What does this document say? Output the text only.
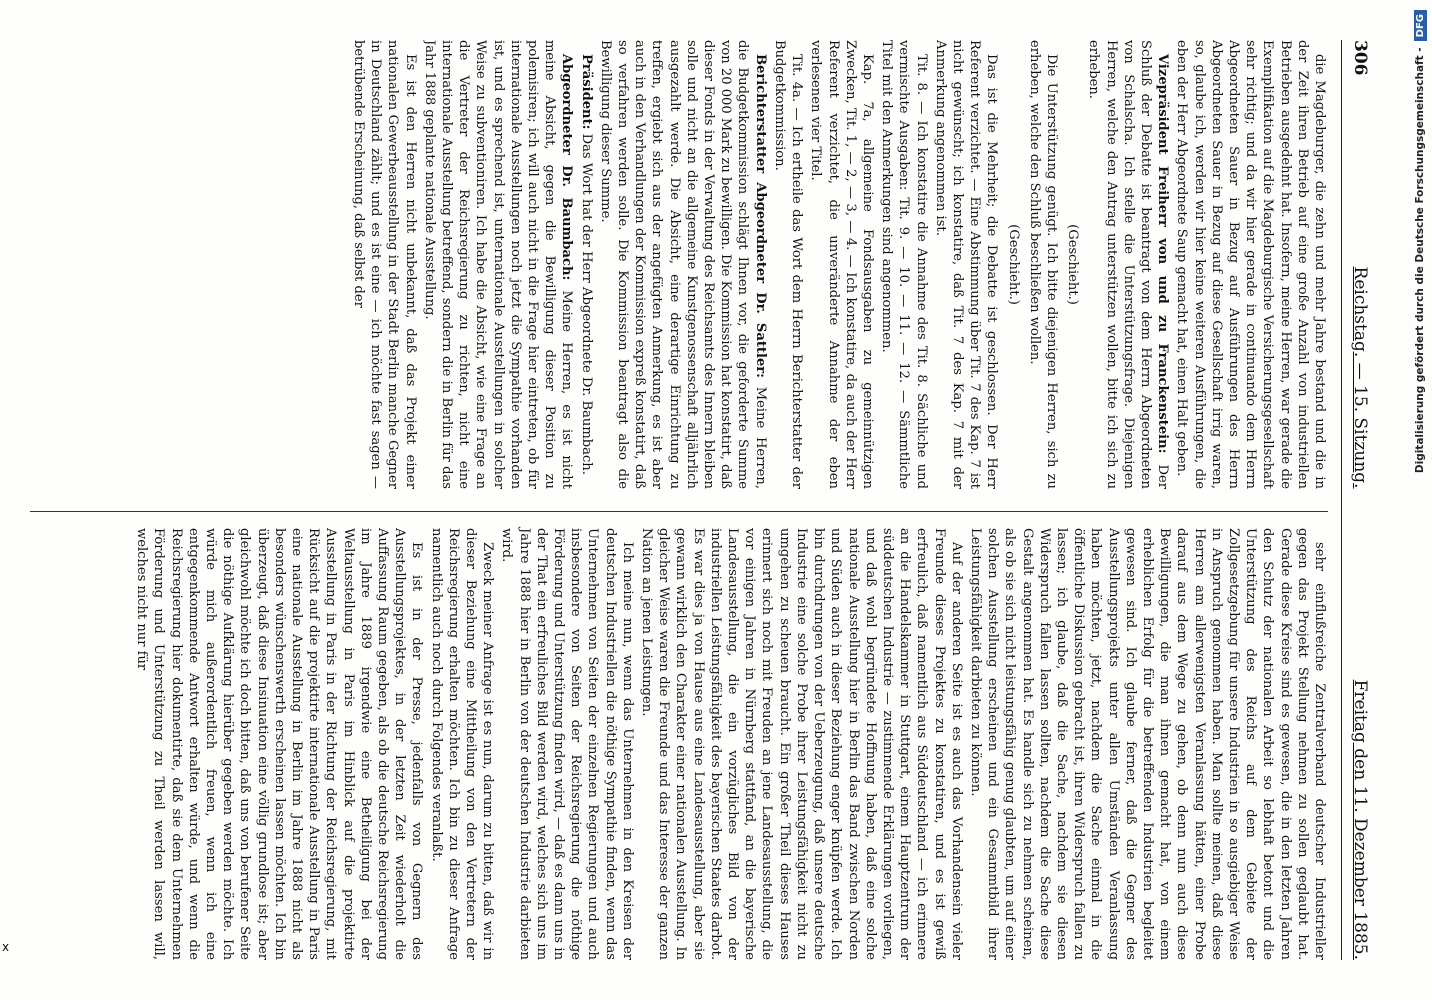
306
Reichstag. — 15. Sitzung.
Freitag den 11. Dezember 1885.

die Magdeburger, die zehn und mehr Jahre bestand und die in der Zeit ihren Betrieb auf eine große Anzahl von industriellen Betrieben ausgedehnt hat. Insofern, meine Herren, war gerade die Exemplifikation auf die Magdeburgische Versicherungsgesellschaft sehr richtig; und da wir hier gerade in continuando dem Herrn Abgeordneten Sauer in Bezug auf Ausführungen des Herrn Abgeordneten Sauer in Bezug auf diese Gesellschaft irrig waren, so, glaube ich, werden wir hier keine weiteren Ausführungen, die eben der Herr Abgeordnete Saup gemacht hat, einen Halt geben.

Vizepräsident Freiherr von und zu Franckenstein: Der Schluß der Debatte ist beantragt von dem Herrn Abgeordneten von Schalscha. Ich stelle die Unterstützungsfrage. Diejenigen Herren, welche den Antrag unterstützen wollen, bitte ich sich zu erheben.

(Geschieht.)

Die Unterstützung genügt. Ich bitte diejenigen Herren, sich zu erheben, welche den Schluß beschließen wollen.

(Geschieht.)

Das ist die Mehrheit; die Debatte ist geschlossen. Der Herr Referent verzichtet. — Eine Abstimmung über Tit. 7 des Kap. 7 ist nicht gewünscht; ich konstatire, daß Tit. 7 des Kap. 7 mit der Anmerkung angenommen ist.

Tit. 8. — Ich konstatire die Annahme des Tit. 8. Sächliche und vermischte Ausgaben: Tit. 9. — 10. — 11. — 12. — Sämmtliche Titel mit den Anmerkungen sind angenommen.

Kap. 7a, allgemeine Fondsausgaben zu gemeinnützigen Zwecken, Tit. 1, — 2, — 3, — 4. — Ich konstatire, da auch der Herr Referent verzichtet, die unveränderte Annahme der eben verlesenen vier Titel.

Tit. 4a. — Ich ertheile das Wort dem Herrn Berichterstatter der Budgetkommission.

Berichterstatter Abgeordneter Dr. Sattler: Meine Herren, die Budgetkommission schlägt Ihnen vor, die geforderte Summe von 20 000 Mark zu bewilligen. Die Kommission hat konstatirt, daß dieser Fonds in der Verwaltung des Reichsamts des Innern bleiben solle und nicht an die allgemeine Kunstgenossenschaft alljährlich ausgezahlt werde. Die Absicht, eine derartige Einrichtung zu treffen, ergiebt sich aus der angefügten Anmerkung, es ist aber auch in den Verhandlungen der Kommission expreß konstatirt, daß so verfahren werden solle. Die Kommission beantragt also die Bewilligung dieser Summe.

Präsident: Das Wort hat der Herr Abgeordnete Dr. Baumbach.

Abgeordneter Dr. Baumbach: Meine Herren, es ist nicht meine Absicht, gegen die Bewilligung dieser Position zu polemisiren; ich will auch nicht in die Frage hier eintreten, ob für internationale Ausstellungen noch jetzt die Sympathie vorhanden ist, und es sprechend ist, unternationale Ausstellungen in solcher Weise zu subventioniren. Ich habe die Absicht, wie eine Frage an die Vertreter der Reichsregierung zu richten, nicht eine internationale Ausstellung betreffend, sondern die in Berlin für das Jahr 1888 geplante nationale Ausstellung.

Es ist den Herren nicht unbekannt, daß das Projekt einer nationalen Gewerbeausstellung in der Stadt Berlin manche Gegner in Deutschland zählt; und es ist eine — ich möchte fast sagen — betrübende Erscheinung, daß selbst der

sehr einflußreiche Zentralverband deutscher Industrieller gegen das Projekt Stellung nehmen zu sollen geglaubt hat. Gerade diese Kreise sind es gewesen, die in den letzten Jahren den Schutz der nationalen Arbeit so lebhaft betont und die Unterstützung des Reichs auf dem Gebiete der Zollgesetzgebung für unsere Industrien in so ausgiebiger Weise in Anspruch genommen haben. Man sollte meinen, daß diese Herren am allerwenigsten Veranlassung hätten, einer Probe darauf aus dem Wege zu gehen, ob denn nun auch diese Bewilligungen, die man ihnen gemacht hat, von einem erheblichen Erfolg für die betreffenden Industrien begleitet gewesen sind. Ich glaube ferner, daß die Gegner des Ausstellungsprojekts unter allen Umständen Veranlassung haben möchten, jetzt, nachdem die Sache einmal in die öffentliche Diskussion gebracht ist, ihren Widerspruch fallen zu lassen; ich glaube, daß die Sache, nachdem sie diesen Widerspruch fallen lassen sollten, nachdem die Sache diese Gestalt angenommen hat. Es handle sich zu nehmen scheinen, als ob sie sich nicht leistungsfähig genug glaubten, um auf einer solchen Ausstellung erscheinen und ein Gesammtbild ihrer Leistungsfähigkeit darbieten zu können.

Auf der anderen Seite ist es auch das Vorhandensein vieler Freunde dieses Projektes zu konstatiren, und es ist gewiß erfreulich, daß namentlich aus Süddeutschland — ich erinnere an die Handelskammer in Stuttgart, einem Hauptzentrum der süddeutschen Industrie — zustimmende Erklärungen vorliegen, und daß wohl begründete Hoffnung haben, daß eine solche nationale Ausstellung hier in Berlin das Band zwischen Norden und Süden auch in dieser Beziehung enger knüpfen werde. Ich bin durchdrungen von der Ueberzeugung, daß unsere deutsche Industrie eine solche Probe ihrer Leistungsfähigkeit nicht zu umgehen zu scheuen braucht. Ein großer Theil dieses Hauses erinnert sich noch mit Freuden an jene Landesausstellung, die vor einigen Jahren in Nürnberg stattfand, an die bayerische Landesausstellung, die ein vorzügliches Bild von der industriellen Leistungsfähigkeit des bayerischen Staates darbot. Es war dies ja von Hause aus eine Landesausstellung, aber sie gewann wirklich den Charakter einer nationalen Ausstellung. In gleicher Weise waren die Freunde und das Interesse der ganzen Nation an jenen Leistungen.

Ich meine nun, wenn das Unternehmen in den Kreisen der deutschen Industriellen die nöthige Sympathie finden, wenn das Unternehmen von Seiten der einzelnen Regierungen und auch insbesondere von Seiten der Reichsregierung die nöthige Förderung und Unterstützung finden wird, — daß es dann uns in der That ein erfreuliches Bild werden wird, welches sich uns im Jahre 1888 hier in Berlin von der deutschen Industrie darbieten wird.

Zweck meiner Anfrage ist es nun, darum zu bitten, daß wir in dieser Beziehung eine Mittheilung von den Vertretern der Reichsregierung erhalten möchten. Ich bin zu dieser Anfrage namentlich auch noch durch Folgendes veranlaßt.

Es ist in der Presse, jedenfalls von Gegnern des Ausstellungsprojektes, in der letzten Zeit wiederholt die Auffassung Raum gegeben, als ob die deutsche Reichsregierung im Jahre 1889 irgendwie eine Betheiligung bei der Weltausstellung in Paris im Hinblick auf die projektirte Ausstellung in Paris in der Richtung der Reichsregierung, mit Rücksicht auf die projektirte internationale Ausstellung in Paris eine nationale Ausstellung in Berlin im Jahre 1888 nicht als besonders wünschenswerth erscheinen lassen möchten. Ich bin überzeugt, daß diese Insinuation eine völlig grundlose ist; aber gleichwohl möchte ich doch bitten, daß uns von berufener Seite die nöthige Aufklärung hierüber gegeben werden möchte. Ich würde mich außerordentlich freuen, wenn ich eine entgegenkommende Antwort erhalten würde, und wenn die Reichsregierung hier dokumentirte, daß sie dem Unternehmen Förderung und Unterstützung zu Theil werden lassen will, welches nicht nur für

Digitalisierung gefördert durch die Deutsche Forschungsgemeinschaft -
DFG
x
